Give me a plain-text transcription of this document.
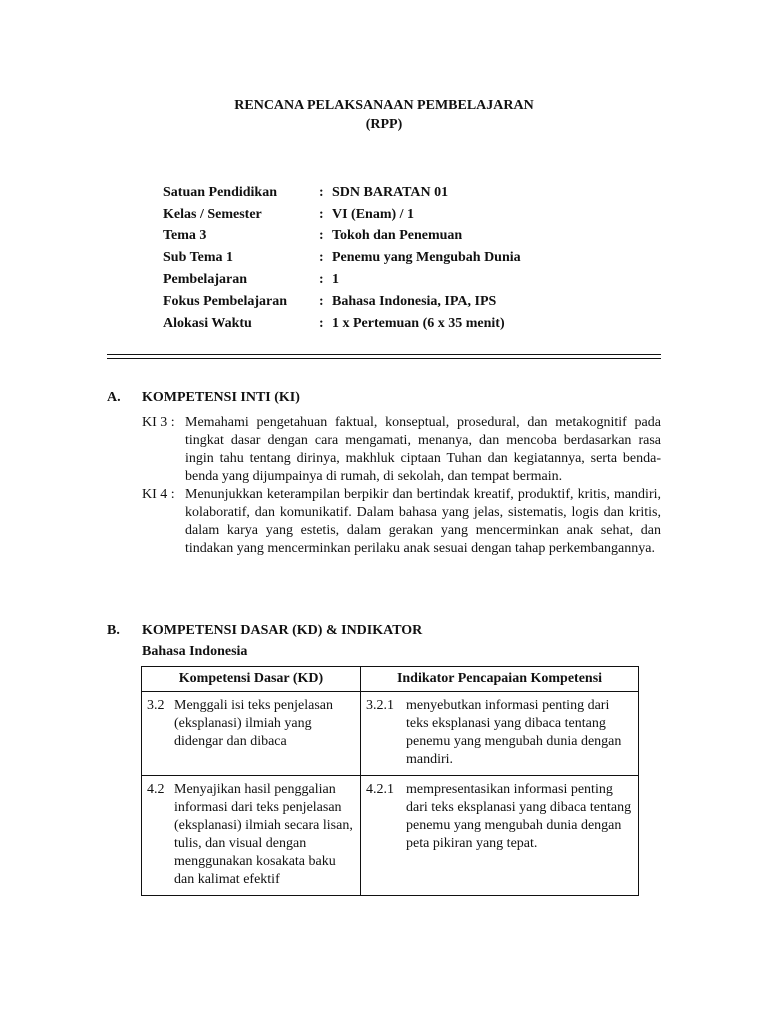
RENCANA PELAKSANAAN PEMBELAJARAN
(RPP)
Satuan Pendidikan	: SDN BARATAN 01
Kelas / Semester	: VI (Enam) / 1
Tema 3	: Tokoh dan Penemuan
Sub Tema 1	: Penemu yang Mengubah Dunia
Pembelajaran	: 1
Fokus Pembelajaran	: Bahasa Indonesia, IPA, IPS
Alokasi Waktu	: 1 x Pertemuan (6 x 35 menit)
A.	KOMPETENSI INTI (KI)
KI 3 : Memahami pengetahuan faktual, konseptual, prosedural, dan metakognitif pada tingkat dasar dengan cara mengamati, menanya, dan mencoba berdasarkan rasa ingin tahu tentang dirinya, makhluk ciptaan Tuhan dan kegiatannya, serta benda-benda yang dijumpainya di rumah, di sekolah, dan tempat bermain.
KI 4 : Menunjukkan keterampilan berpikir dan bertindak kreatif, produktif, kritis, mandiri, kolaboratif, dan komunikatif. Dalam bahasa yang jelas, sistematis, logis dan kritis, dalam karya yang estetis, dalam gerakan yang mencerminkan anak sehat, dan tindakan yang mencerminkan perilaku anak sesuai dengan tahap perkembangannya.
B.	KOMPETENSI DASAR (KD) & INDIKATOR
Bahasa Indonesia
Kompetensi Dasar (KD)	Indikator Pencapaian Kompetensi

3.2 Menggali isi teks penjelasan (eksplanasi) ilmiah yang didengar dan dibaca	3.2.1 menyebutkan informasi penting dari teks eksplanasi yang dibaca tentang penemu yang mengubah dunia dengan mandiri.

4.2 Menyajikan hasil penggalian informasi dari teks penjelasan (eksplanasi) ilmiah secara lisan, tulis, dan visual dengan menggunakan kosakata baku dan kalimat efektif	4.2.1 mempresentasikan informasi penting dari teks eksplanasi yang dibaca tentang penemu yang mengubah dunia dengan peta pikiran yang tepat.
